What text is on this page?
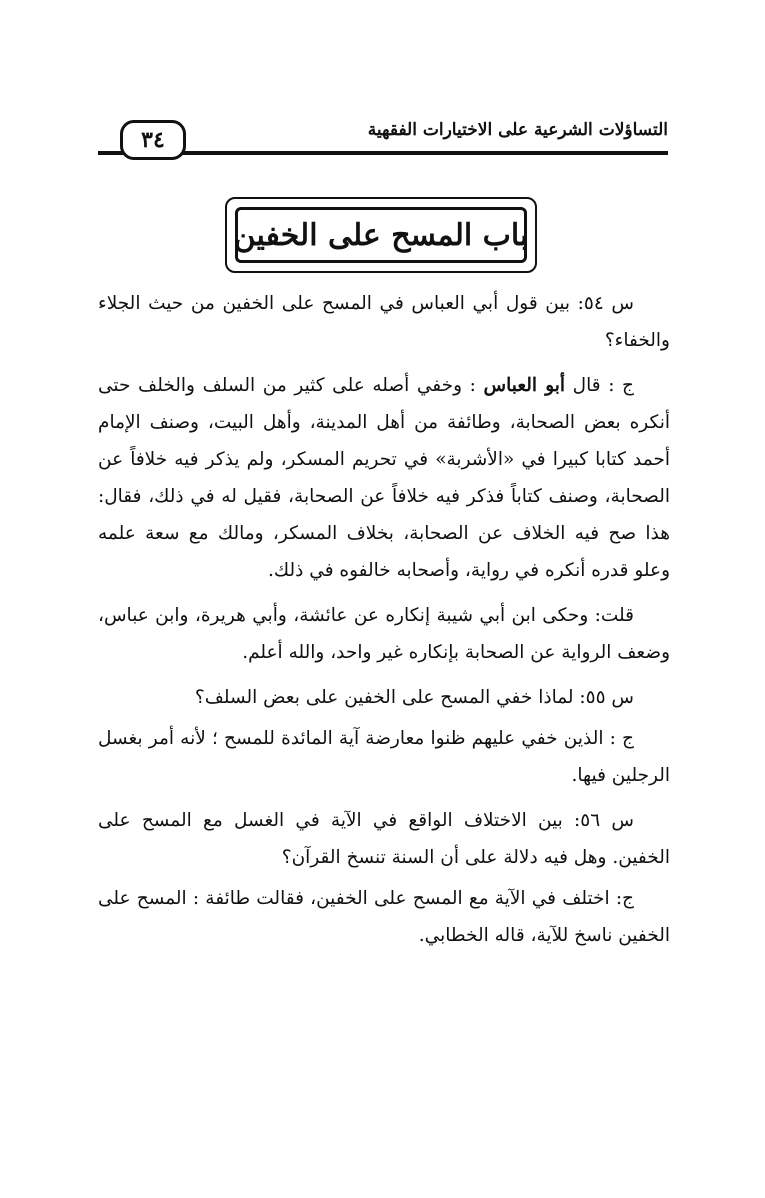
٣٤	التساؤلات الشرعية على الاختيارات الفقهية
باب المسح على الخفين

س ٥٤: بين قول أبي العباس في المسح على الخفين من حيث الجلاء والخفاء؟

ج : قال أبو العباس : وخفي أصله على كثير من السلف والخلف حتى أنكره بعض الصحابة، وطائفة من أهل المدينة، وأهل البيت، وصنف الإمام أحمد كتابا كبيرا في «الأشربة» في تحريم المسكر، ولم يذكر فيه خلافاً عن الصحابة، وصنف كتاباً فذكر فيه خلافاً عن الصحابة، فقيل له في ذلك، فقال: هذا صح فيه الخلاف عن الصحابة، بخلاف المسكر، ومالك مع سعة علمه وعلو قدره أنكره في رواية، وأصحابه خالفوه في ذلك.

قلت: وحكى ابن أبي شيبة إنكاره عن عائشة، وأبي هريرة، وابن عباس، وضعف الرواية عن الصحابة بإنكاره غير واحد، والله أعلم.

س ٥٥: لماذا خفي المسح على الخفين على بعض السلف؟

ج : الذين خفي عليهم ظنوا معارضة آية المائدة للمسح ؛ لأنه أمر بغسل الرجلين فيها.

س ٥٦: بين الاختلاف الواقع في الآية في الغسل مع المسح على الخفين. وهل فيه دلالة على أن السنة تنسخ القرآن؟

ج: اختلف في الآية مع المسح على الخفين، فقالت طائفة : المسح على الخفين ناسخ للآية، قاله الخطابي.
